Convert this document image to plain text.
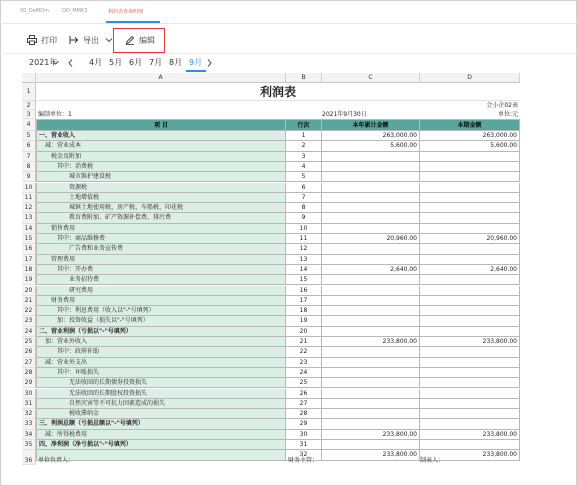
00_DeMOm	OO_MMK3	利润表查询明细
打印	导出	编辑
2021年	4月 5月 6月 7月 8月 9月
A	B	C	D
1
2
3
4
利润表
会小企02表
编制单位：1	2021年9月30日	单位:元
项 目	行次	本年累计金额	本期金额
5	一、营业收入	1	263,000.00	263,000.00
6	减：营业成本	2	5,600.00	5,600.00
7	税金及附加	3
8	其中：消费税	4
9	城市维护建设税	5
10	资源税	6
11	土地增值税	7
12	城镇土地使用税、房产税、车船税、印花税	8
13	教育费附加、矿产资源补偿费、排污费	9
14	销售费用	10
15	其中：商品维修费	11	20,960.00	20,960.00
16	广告费和业务宣传费	12
17	管理费用	13
18	其中：开办费	14	2,640.00	2,640.00
19	业务招待费	15
20	研究费用	16
21	财务费用	17
22	其中：利息费用（收入以"-"号填列）	18
23	加：投资收益（损失以"-"号填列）	19
24	二、营业利润（亏损以"-"号填列）	20
25	加：营业外收入	21	233,800.00	233,800.00
26	其中：政府补助	22
27	减：营业外支出	23
28	其中：坏账损失	24
29	无法收回的长期债券投资损失	25
30	无法收回的长期股权投资损失	26
31	自然灾害等不可抗力因素造成的损失	27
32	税收滞纳金	28
33	三、利润总额（亏损总额以"-"号填列）	29
34	减：所得税费用	30	233,800.00	233,800.00
35	四、净利润（净亏损以"-"号填列）	31
32	233,800.00	233,800.00
36 单位负责人：	财务主管：	制表人：
